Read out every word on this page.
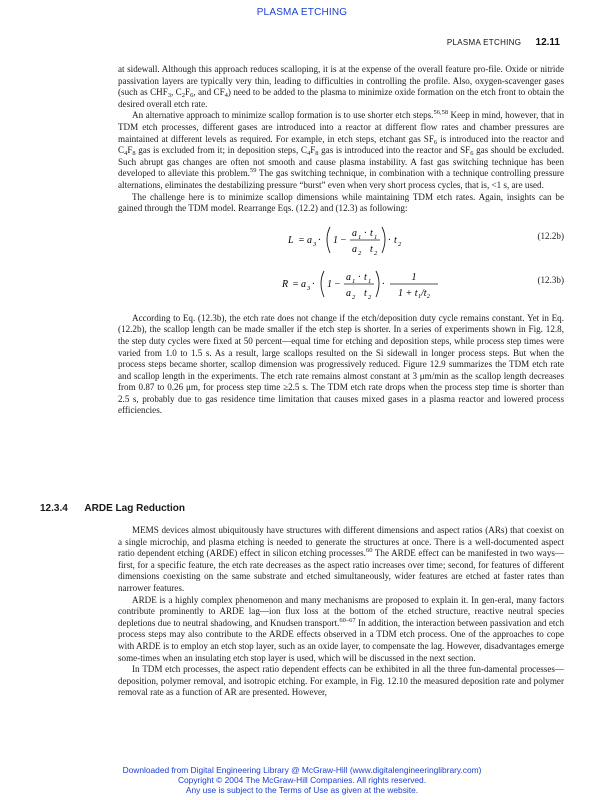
PLASMA ETCHING
PLASMA ETCHING 12.11

at sidewall. Although this approach reduces scalloping, it is at the expense of the overall feature pro-file. Oxide or nitride passivation layers are typically very thin, leading to difficulties in controlling the profile. Also, oxygen-scavenger gases (such as $CHF_3$, $C_2F_6$, and $CF_4$) need to be added to the plasma to minimize oxide formation on the etch front to obtain the desired overall etch rate.

An alternative approach to minimize scallop formation is to use shorter etch steps.$^{56,58}$ Keep in mind, however, that in TDM etch processes, different gases are introduced into a reactor at different flow rates and chamber pressures are maintained at different levels as required. For example, in etch steps, etchant gas $SF_6$ is introduced into the reactor and $C_4F_8$ gas is excluded from it; in deposition steps, $C_4F_8$ gas is introduced into the reactor and $SF_6$ gas should be excluded. Such abrupt gas changes are often not smooth and cause plasma instability. A fast gas switching technique has been developed to alleviate this problem.$^{59}$ The gas switching technique, in combination with a technique controlling pressure alternations, eliminates the destabilizing pressure “burst” even when very short process cycles, that is, <1 s, are used.

The challenge here is to minimize scallop dimensions while maintaining TDM etch rates. Again, insights can be gained through the TDM model. Rearrange Eqs. (12.2) and (12.3) as following:

L = a 3 · 1 −
a 1 · t 1
a 2 t 2
· t 2
(12.2b)
R = a 3 · 1 −
a 1 · t 1
a 2 t 2
·
1
1 + t₁/t₂
(12.3b)

According to Eq. (12.3b), the etch rate does not change if the etch/deposition duty cycle remains constant. Yet in Eq. (12.2b), the scallop length can be made smaller if the etch step is shorter. In a series of experiments shown in Fig. 12.8, the step duty cycles were fixed at 50 percent—equal time for etching and deposition steps, while process step times were varied from 1.0 to 1.5 s. As a result, large scallops resulted on the Si sidewall in longer process steps. But when the process steps became shorter, scallop dimension was progressively reduced. Figure 12.9 summarizes the TDM etch rate and scallop length in the experiments. The etch rate remains almost constant at 3 μm/min as the scallop length decreases from 0.87 to 0.26 μm, for process step time ≥2.5 s. The TDM etch rate drops when the process step time is shorter than 2.5 s, probably due to gas residence time limitation that causes mixed gases in a plasma reactor and lowered process efficiencies.

12.3.4 ARDE Lag Reduction

MEMS devices almost ubiquitously have structures with different dimensions and aspect ratios (ARs) that coexist on a single microchip, and plasma etching is needed to generate the structures at once. There is a well-documented aspect ratio dependent etching (ARDE) effect in silicon etching processes.$^{60}$ The ARDE effect can be manifested in two ways—first, for a specific feature, the etch rate decreases as the aspect ratio increases over time; second, for features of different dimensions coexisting on the same substrate and etched simultaneously, wider features are etched at faster rates than narrower features.

ARDE is a highly complex phenomenon and many mechanisms are proposed to explain it. In gen-eral, many factors contribute prominently to ARDE lag—ion flux loss at the bottom of the etched structure, reactive neutral species depletions due to neutral shadowing, and Knudsen transport.$^{60-67}$ In addition, the interaction between passivation and etch process steps may also contribute to the ARDE effects observed in a TDM etch process. One of the approaches to cope with ARDE is to employ an etch stop layer, such as an oxide layer, to compensate the lag. However, disadvantages emerge some-times when an insulating etch stop layer is used, which will be discussed in the next section.

In TDM etch processes, the aspect ratio dependent effects can be exhibited in all the three fun-damental processes—deposition, polymer removal, and isotropic etching. For example, in Fig. 12.10 the measured deposition rate and polymer removal rate as a function of AR are presented. However,

Downloaded from Digital Engineering Library @ McGraw-Hill (www.digitalengineeringlibrary.com)
Copyright © 2004 The McGraw-Hill Companies. All rights reserved.
Any use is subject to the Terms of Use as given at the website.
